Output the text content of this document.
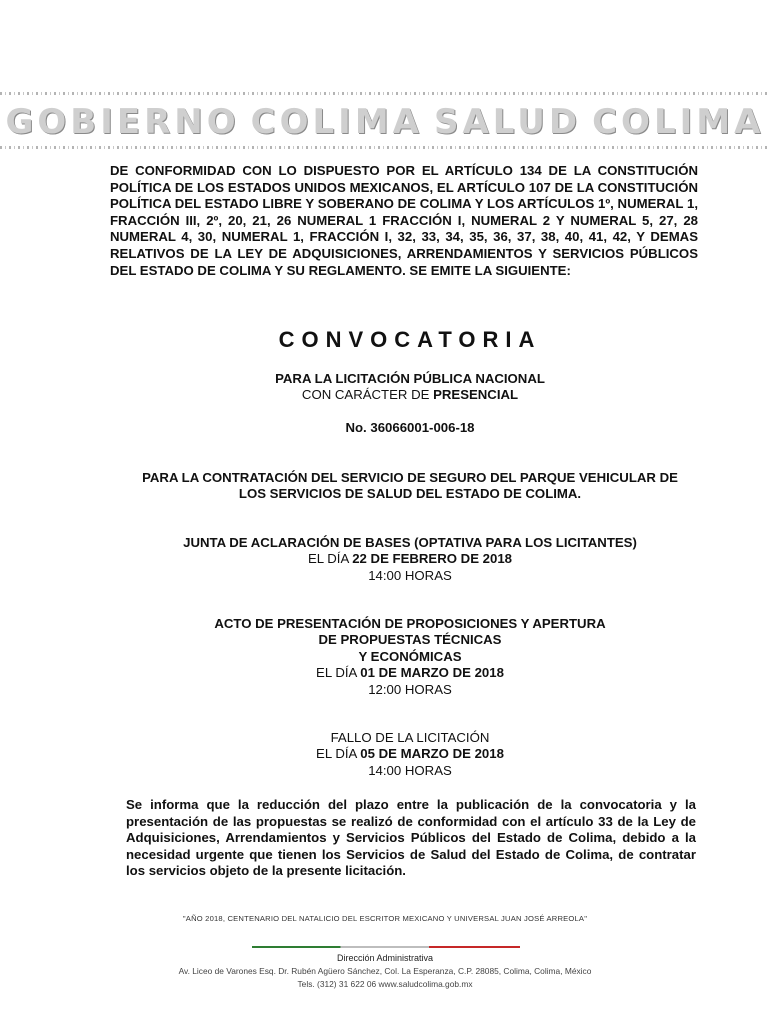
GOBIERNO COLIMA SALUD COLIMA
DE CONFORMIDAD CON LO DISPUESTO POR EL ARTÍCULO 134 DE LA CONSTITUCIÓN POLÍTICA DE LOS ESTADOS UNIDOS MEXICANOS, EL ARTÍCULO 107 DE LA CONSTITUCIÓN POLÍTICA DEL ESTADO LIBRE Y SOBERANO DE COLIMA Y LOS ARTÍCULOS 1º, NUMERAL 1, FRACCIÓN III, 2º, 20, 21, 26 NUMERAL 1 FRACCIÓN I, NUMERAL 2 Y NUMERAL 5, 27, 28 NUMERAL 4, 30, NUMERAL 1, FRACCIÓN I, 32, 33, 34, 35, 36, 37, 38, 40, 41, 42, Y DEMAS RELATIVOS DE LA LEY DE ADQUISICIONES, ARRENDAMIENTOS Y SERVICIOS PÚBLICOS DEL ESTADO DE COLIMA Y SU REGLAMENTO. SE EMITE LA SIGUIENTE:
CONVOCATORIA
PARA LA LICITACIÓN PÚBLICA NACIONAL
CON CARÁCTER DE PRESENCIAL
No. 36066001-006-18
PARA LA CONTRATACIÓN DEL SERVICIO DE SEGURO DEL PARQUE VEHICULAR DE
LOS SERVICIOS DE SALUD DEL ESTADO DE COLIMA.
JUNTA DE ACLARACIÓN DE BASES (OPTATIVA PARA LOS LICITANTES)
EL DÍA 22 DE FEBRERO DE 2018
14:00 HORAS
ACTO DE PRESENTACIÓN DE PROPOSICIONES Y APERTURA
DE PROPUESTAS TÉCNICAS
Y ECONÓMICAS
EL DÍA 01 DE MARZO DE 2018
12:00 HORAS
FALLO DE LA LICITACIÓN
EL DÍA 05 DE MARZO DE 2018
14:00 HORAS
Se informa que la reducción del plazo entre la publicación de la convocatoria y la presentación de las propuestas se realizó de conformidad con el artículo 33 de la Ley de Adquisiciones, Arrendamientos y Servicios Públicos del Estado de Colima, debido a la necesidad urgente que tienen los Servicios de Salud del Estado de Colima, de contratar los servicios objeto de la presente licitación.
"AÑO 2018, CENTENARIO DEL NATALICIO DEL ESCRITOR MEXICANO Y UNIVERSAL JUAN JOSÉ ARREOLA"
Dirección Administrativa
Av. Liceo de Varones Esq. Dr. Rubén Agüero Sánchez, Col. La Esperanza, C.P. 28085, Colima, Colima, México
Tels. (312) 31 622 06 www.saludcolima.gob.mx
